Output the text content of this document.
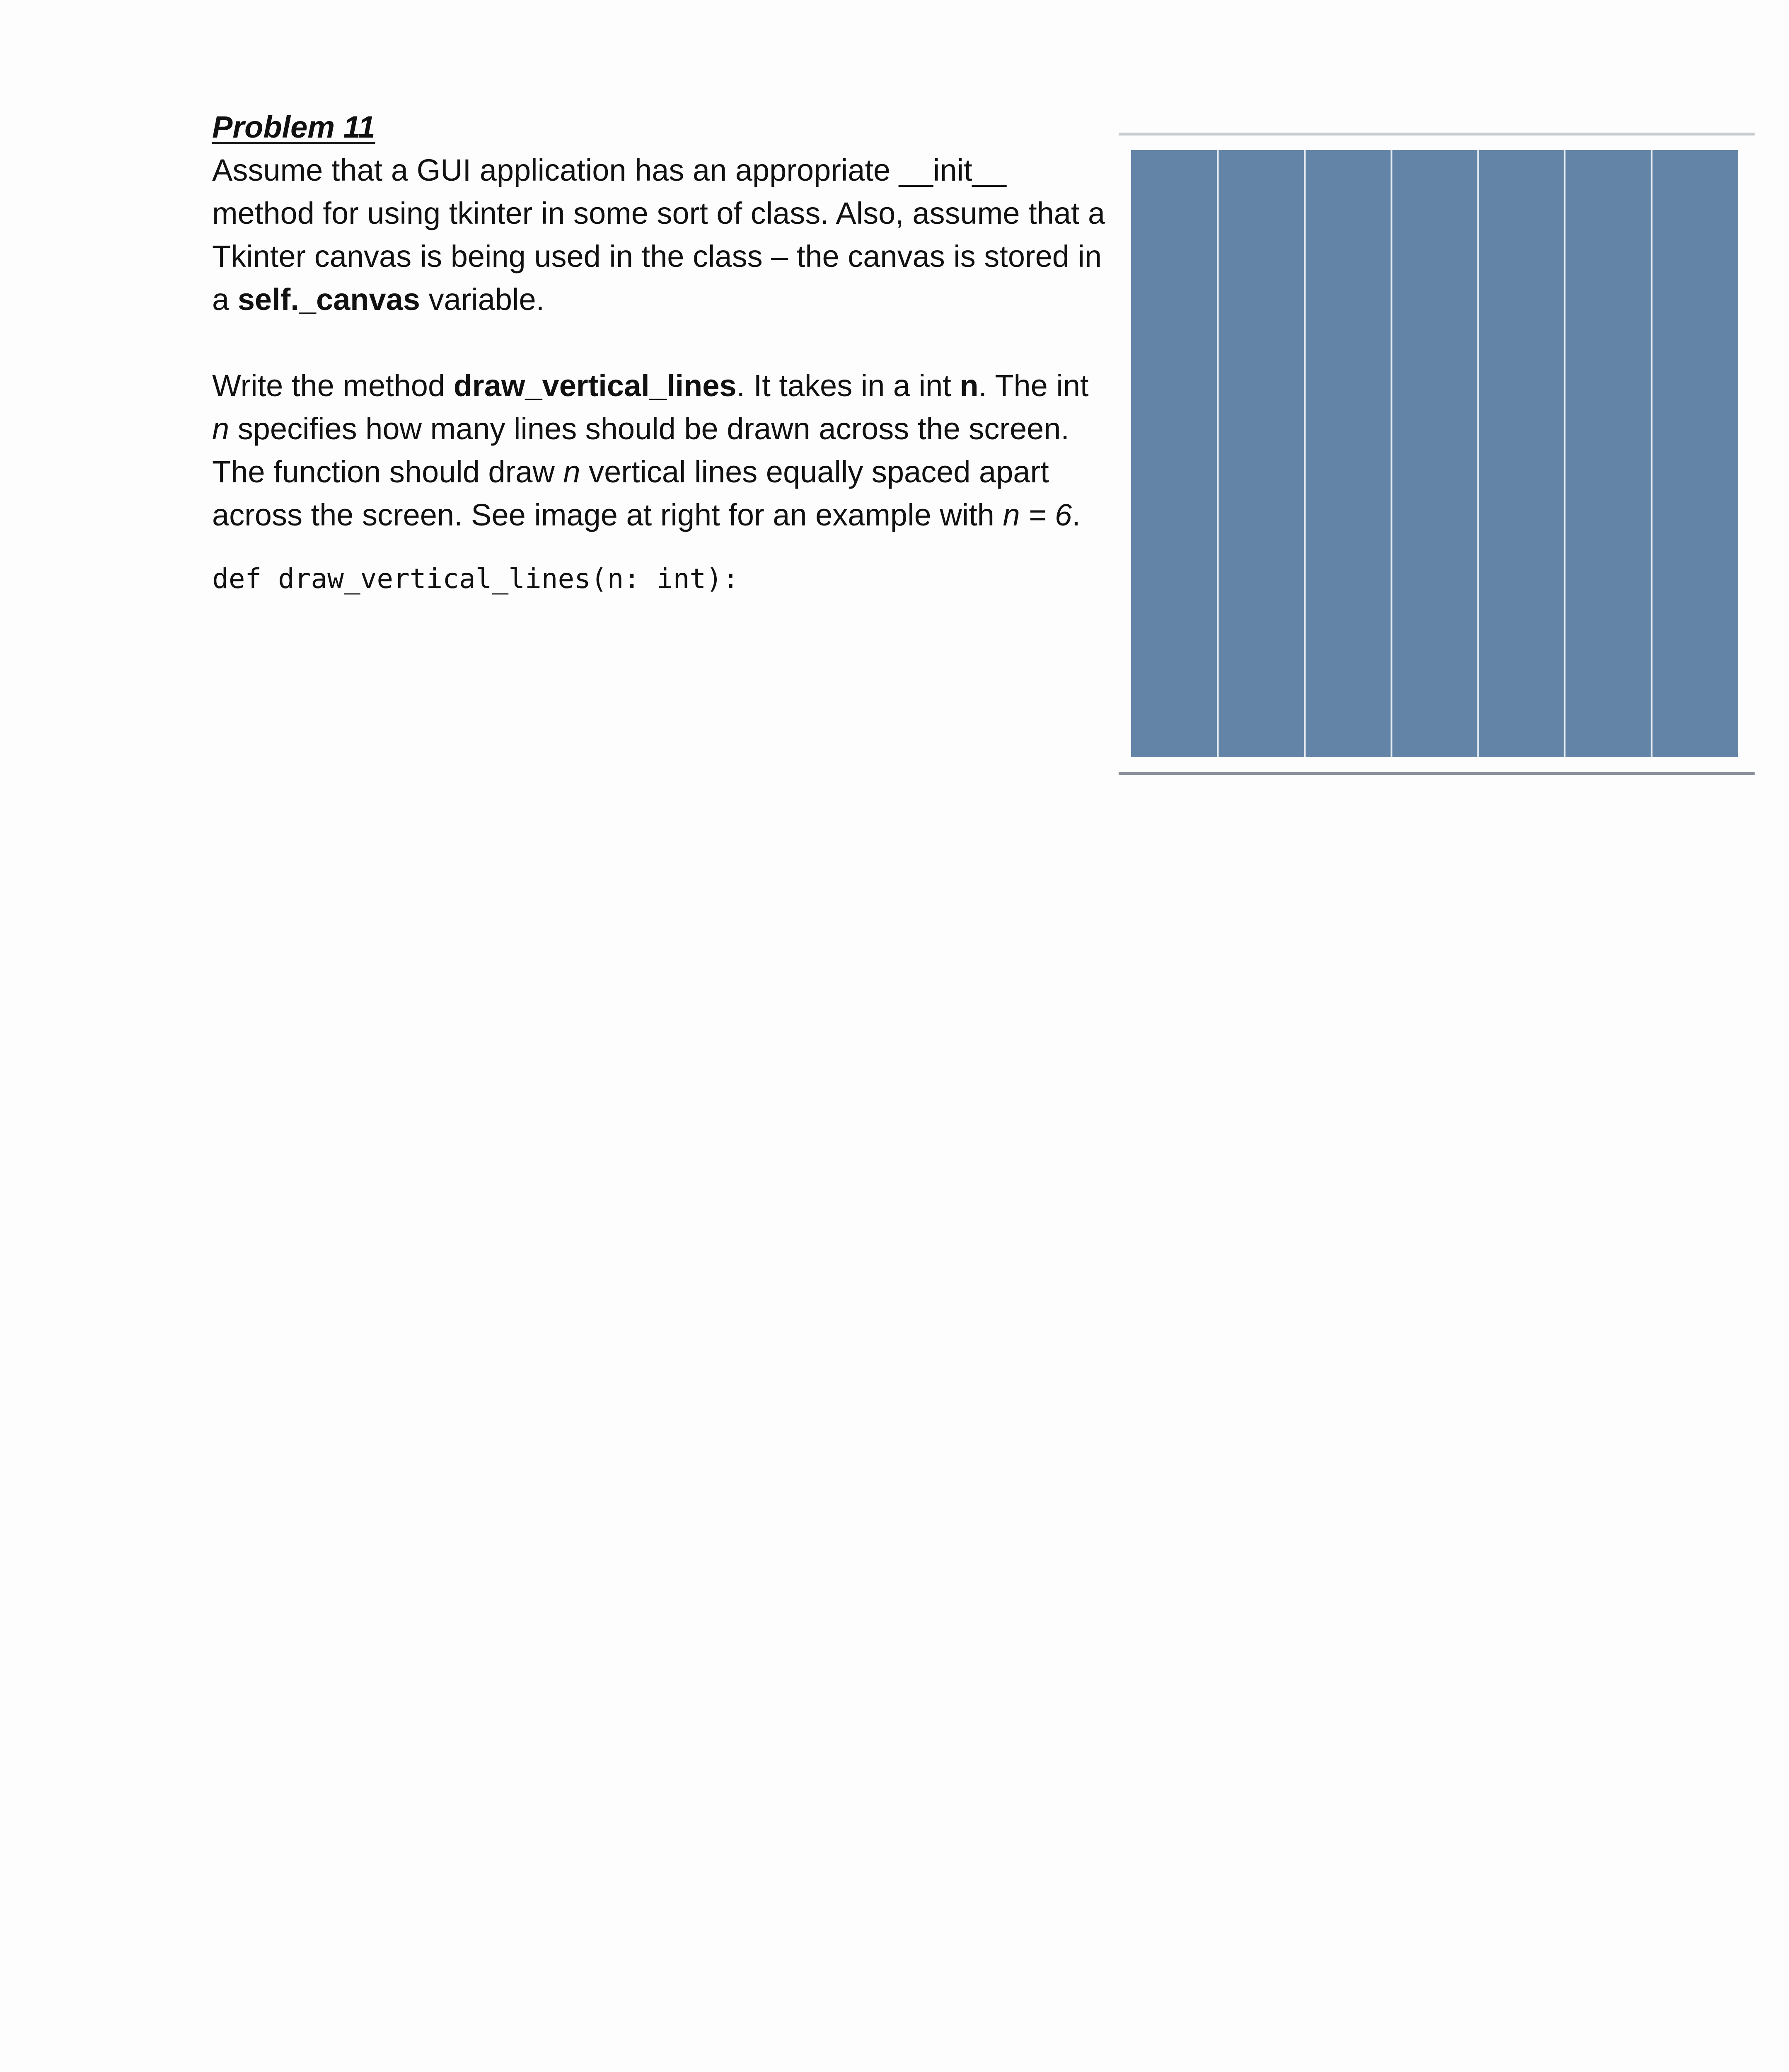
Problem 11

Assume that a GUI application has an appropriate __init__ method for using tkinter in some sort of class. Also, assume that a Tkinter canvas is being used in the class – the canvas is stored in a self._canvas variable.

Write the method draw_vertical_lines. It takes in a int n. The int n specifies how many lines should be drawn across the screen. The function should draw n vertical lines equally spaced apart across the screen. See image at right for an example with n = 6.

def draw_vertical_lines(n: int):
